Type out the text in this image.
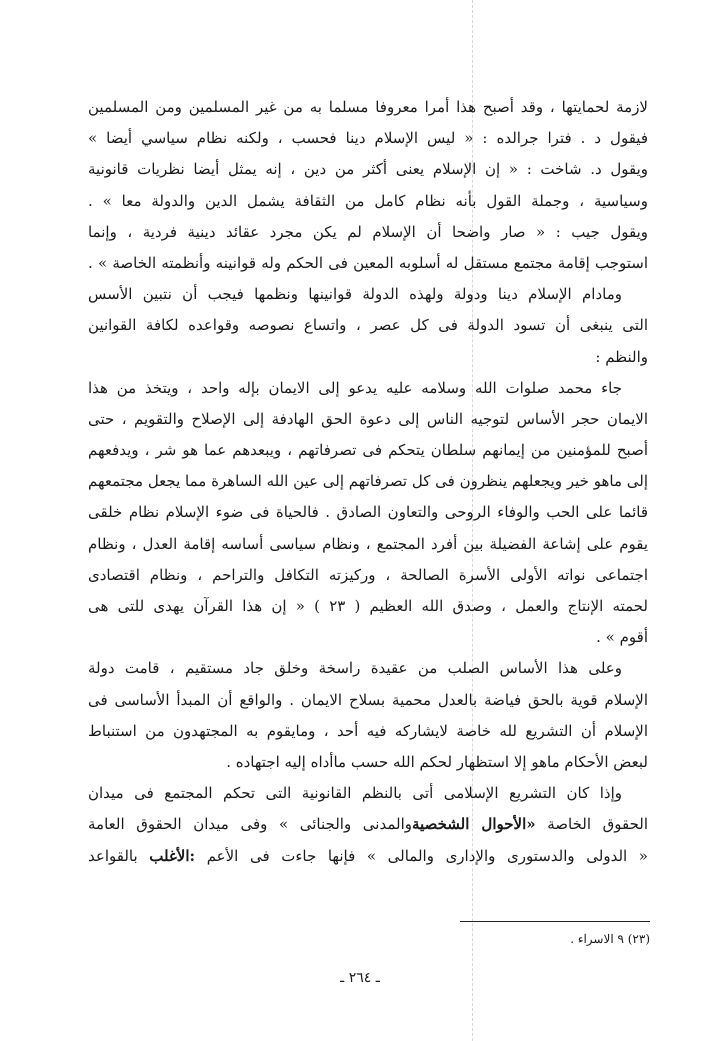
لازمة لحمايتها ، وقد أصبح هذا أمرا معروفا مسلما به من غير المسلمين ومن المسلمين
فيقول د . فترا جرالده : « ليس الإسلام دينا فحسب ، ولكنه نظام سياسي أيضا »
ويقول د. شاخت : « إن الإسلام يعنى أكثر من دين ، إنه يمثل أيضا نظريات قانونية
وسياسية ، وجملة القول بأنه نظام كامل من الثقافة يشمل الدين والدولة معا » .
ويقول جيب : « صار واضحا أن الإسلام لم يكن مجرد عقائد دينية فردية ، وإنما
استوجب إقامة مجتمع مستقل له أسلوبه المعين فى الحكم وله قوانينه وأنظمته الخاصة » .
ومادام الإسلام دينا ودولة ولهذه الدولة قوانينها ونظمها فيجب أن نتبين الأسس
التى ينبغى أن تسود الدولة فى كل عصر ، واتساع نصوصه وقواعده لكافة القوانين
والنظم :
جاء محمد صلوات الله وسلامه عليه يدعو إلى الايمان بإله واحد ، ويتخذ من هذا
الايمان حجر الأساس لتوجيه الناس إلى دعوة الحق الهادفة إلى الإصلاح والتقويم ، حتى
أصبح للمؤمنين من إيمانهم سلطان يتحكم فى تصرفاتهم ، ويبعدهم عما هو شر ، ويدفعهم
إلى ماهو خير ويجعلهم ينظرون فى كل تصرفاتهم إلى عين الله الساهرة مما يجعل مجتمعهم
قائما على الحب والوفاء الروحى والتعاون الصادق . فالحياة فى ضوء الإسلام نظام خلقى
يقوم على إشاعة الفضيلة بين أفرد المجتمع ، ونظام سياسى أساسه إقامة العدل ، ونظام
اجتماعى نواته الأولى الأسرة الصالحة ، وركيزته التكافل والتراحم ، ونظام اقتصادى
لحمته الإنتاج والعمل ، وصدق الله العظيم ( ٢٣ ) « إن هذا القرآن يهدى للتى هى
أقوم » .
وعلى هذا الأساس الصلب من عقيدة راسخة وخلق جاد مستقيم ، قامت دولة
الإسلام قوية بالحق فياضة بالعدل محمية بسلاح الايمان . والواقع أن المبدأ الأساسى فى
الإسلام أن التشريع لله خاصة لايشاركه فيه أحد ، ومايقوم به المجتهدون من استنباط
لبعض الأحكام ماهو إلا استظهار لحكم الله حسب ماأداه إليه اجتهاده .
وإذا كان التشريع الإسلامى أتى بالنظم القانونية التى تحكم المجتمع فى ميدان
الحقوق الخاصة «الأحوال الشخصيةوالمدنى والجنائى » وفى ميدان الحقوق العامة
« الدولى والدستورى والإدارى والمالى » فإنها جاءت فى الأعم :الأغلب بالقواعد
(٢٣) ٩ الاسراء .
ـ ٢٦٤ ـ
